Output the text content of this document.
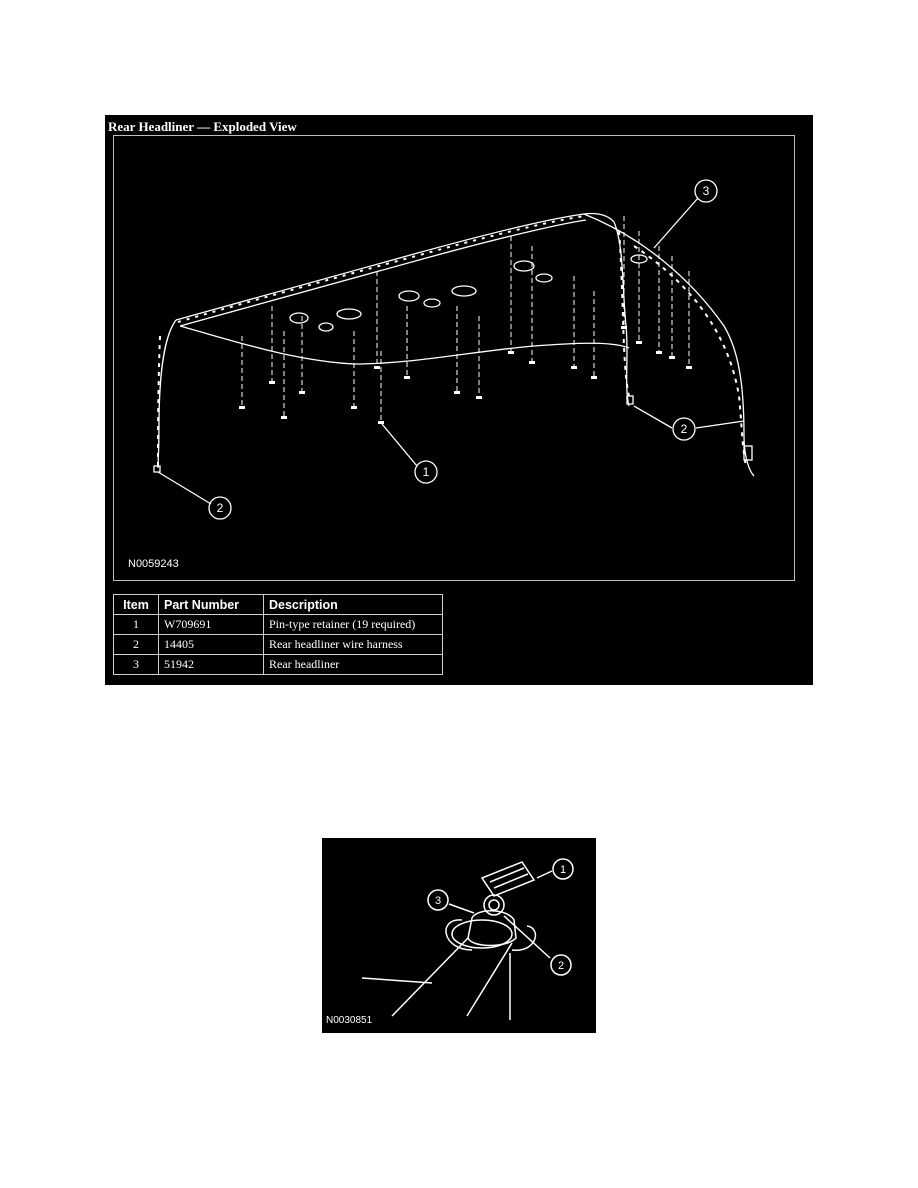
Rear Headliner — Exploded View
1
2
2
3
N0059243
Item	Part Number	Description
1	W709691	Pin-type retainer (19 required)
2	14405	Rear headliner wire harness
3	51942	Rear headliner
1
2
3
N0030851
